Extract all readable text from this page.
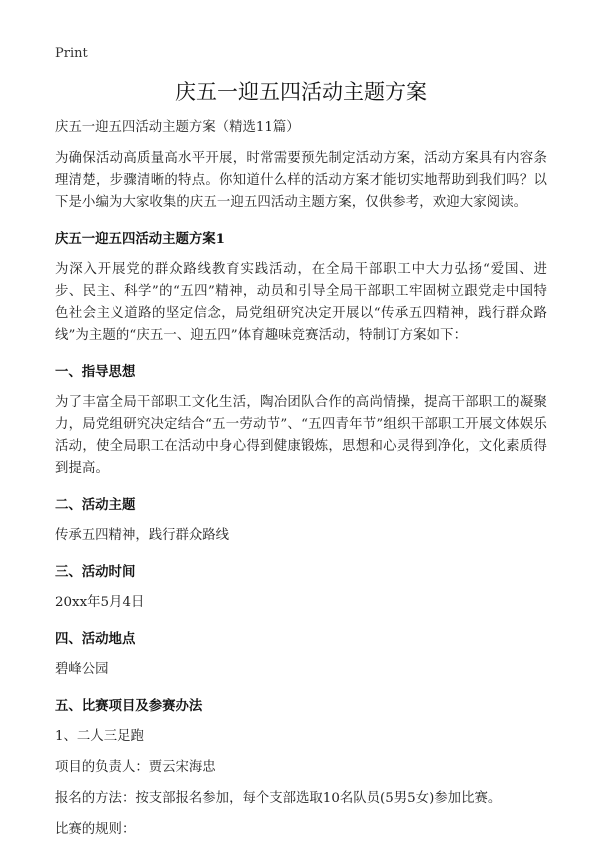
Print
庆五一迎五四活动主题方案
庆五一迎五四活动主题方案（精选11篇）

为确保活动高质量高水平开展，时常需要预先制定活动方案，活动方案具有内容条理清楚，步骤清晰的特点。你知道什么样的活动方案才能切实地帮助到我们吗？以下是小编为大家收集的庆五一迎五四活动主题方案，仅供参考，欢迎大家阅读。

庆五一迎五四活动主题方案1

为深入开展党的群众路线教育实践活动，在全局干部职工中大力弘扬“爱国、进步、民主、科学”的“五四”精神，动员和引导全局干部职工牢固树立跟党走中国特色社会主义道路的坚定信念，局党组研究决定开展以“传承五四精神，践行群众路线”为主题的“庆五一、迎五四”体育趣味竞赛活动，特制订方案如下：

一、指导思想

为了丰富全局干部职工文化生活，陶冶团队合作的高尚情操，提高干部职工的凝聚力，局党组研究决定结合“五一劳动节”、“五四青年节”组织干部职工开展文体娱乐活动，使全局职工在活动中身心得到健康锻炼，思想和心灵得到净化，文化素质得到提高。

二、活动主题
传承五四精神，践行群众路线
三、活动时间
20xx年5月4日
四、活动地点
碧峰公园
五、比赛项目及参赛办法
1、二人三足跑
项目的负责人：贾云宋海忠
报名的方法：按支部报名参加，每个支部选取10名队员(5男5女)参加比赛。
比赛的规则：
